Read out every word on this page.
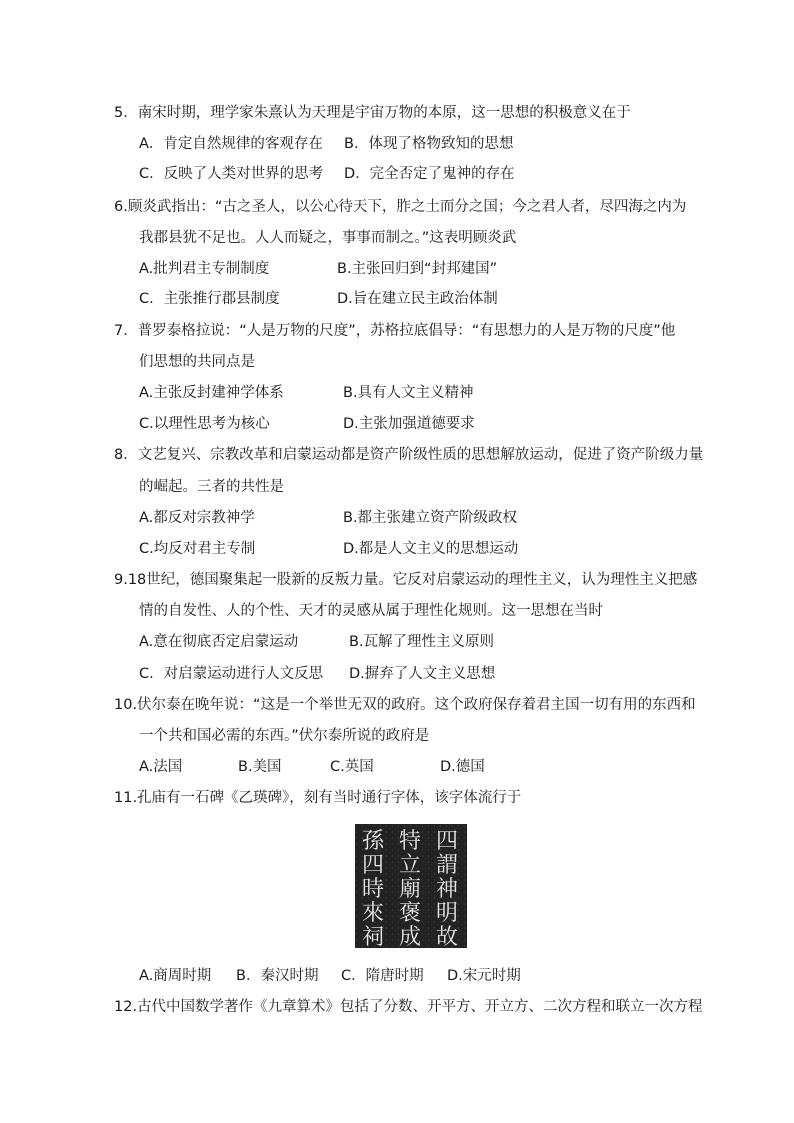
5．南宋时期，理学家朱熹认为天理是宇宙万物的本原，这一思想的积极意义在于
A．肯定自然规律的客观存在 B．体现了格物致知的思想
C．反映了人类对世界的思考 D．完全否定了鬼神的存在
6.顾炎武指出：“古之圣人，以公心待天下，胙之土而分之国；今之君人者，尽四海之内为
我郡县犹不足也。人人而疑之，事事而制之。”这表明顾炎武
A.批判君主专制制度	B.主张回归到“封邦建国”
C．主张推行郡县制度	D.旨在建立民主政治体制
7．普罗泰格拉说：“人是万物的尺度”，苏格拉底倡导：“有思想力的人是万物的尺度”他
们思想的共同点是
A.主张反封建神学体系	B.具有人文主义精神
C.以理性思考为核心	D.主张加强道德要求
8．文艺复兴、宗教改革和启蒙运动都是资产阶级性质的思想解放运动，促进了资产阶级力量
的崛起。三者的共性是
A.都反对宗教神学	B.都主张建立资产阶级政权
C.均反对君主专制	D.都是人文主义的思想运动
9.18世纪，德国聚集起一股新的反叛力量。它反对启蒙运动的理性主义，认为理性主义把感
情的自发性、人的个性、天才的灵感从属于理性化规则。这一思想在当时
A.意在彻底否定启蒙运动	B.瓦解了理性主义原则
C．对启蒙运动进行人文反思 D.摒弃了人文主义思想
10.伏尔泰在晚年说：“这是一个举世无双的政府。这个政府保存着君主国一切有用的东西和
一个共和国必需的东西。”伏尔泰所说的政府是
A.法国	B.美国	C.英国	D.德国
11.孔庙有一石碑《乙瑛碑》，刻有当时通行字体，该字体流行于
孫
四
時
來
祠
特
立
廟
褒
成
四
謂
神
明
故
A.商周时期 B．秦汉时期 C．隋唐时期 D.宋元时期
12.古代中国数学著作《九章算术》包括了分数、开平方、开立方、二次方程和联立一次方程
